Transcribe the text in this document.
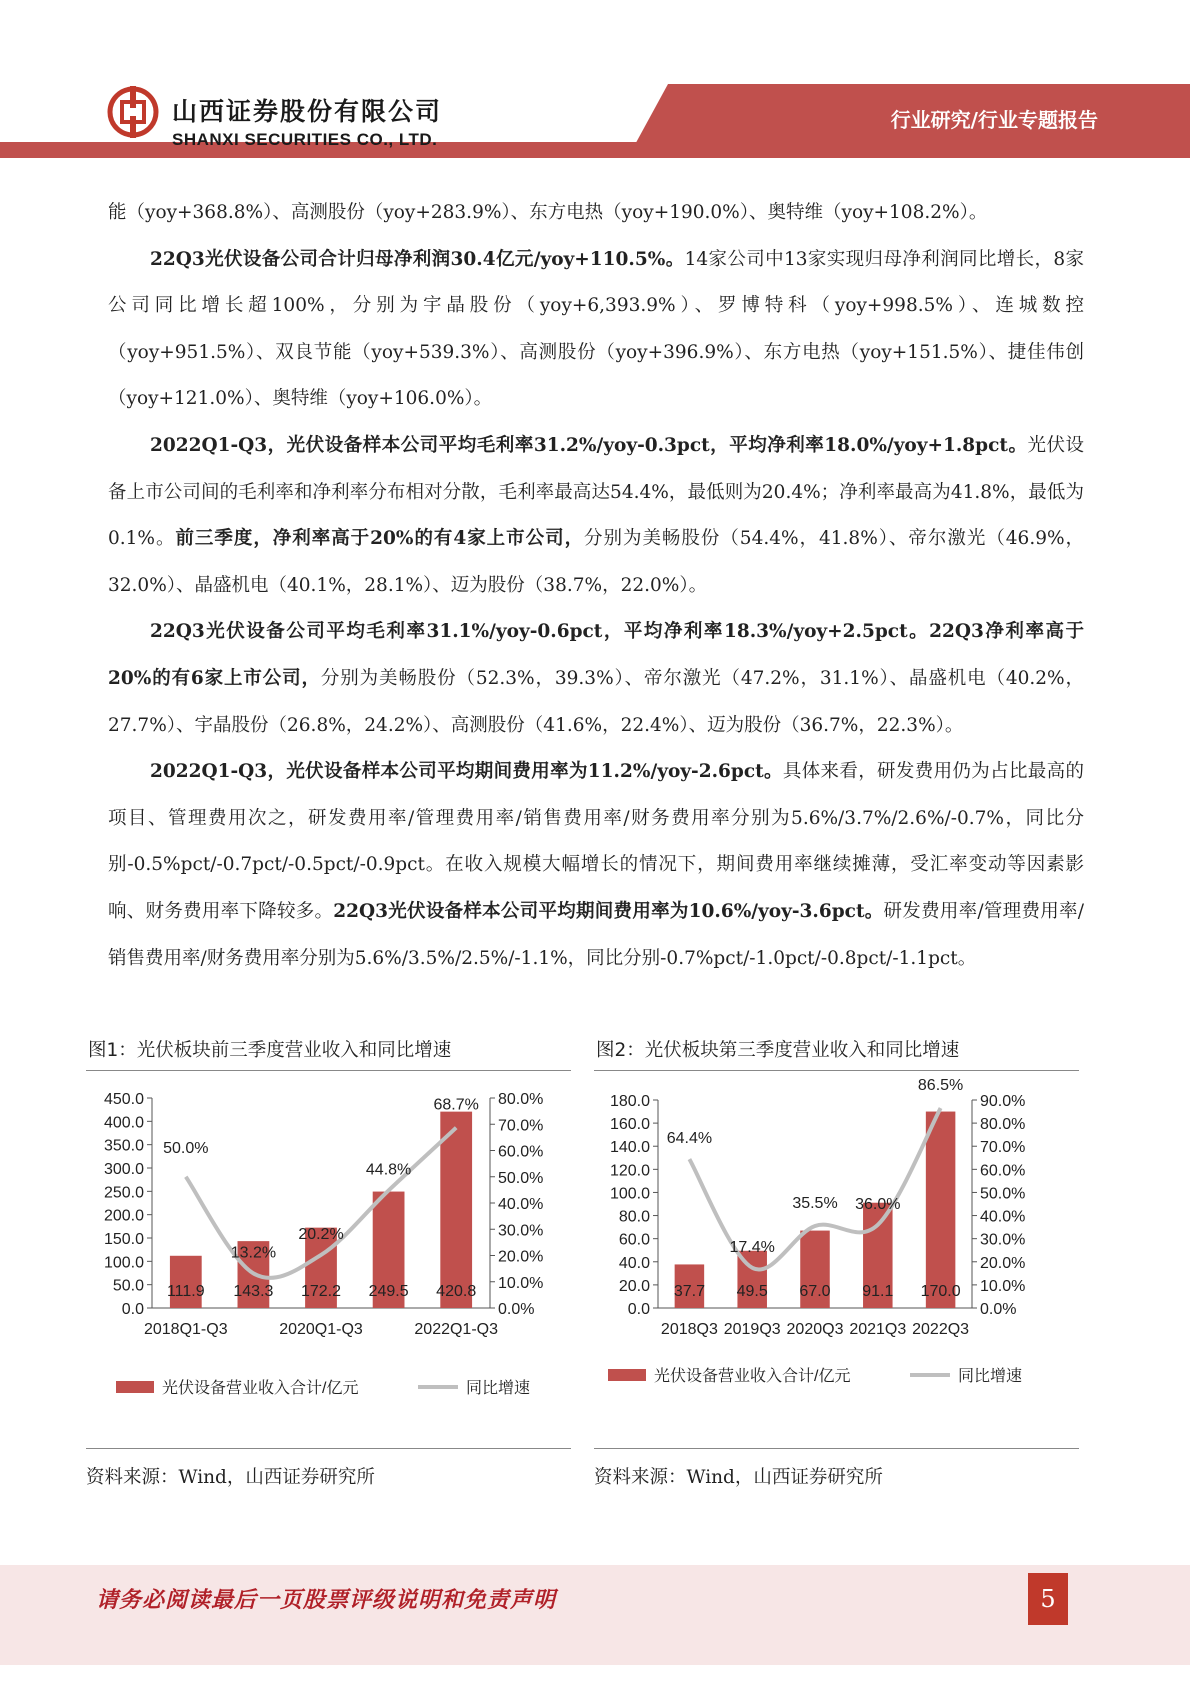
山西证券股份有限公司
SHANXI SECURITIES CO., LTD.
行业研究/行业专题报告

能（yoy+368.8%）、高测股份（yoy+283.9%）、东方电热（yoy+190.0%）、奥特维（yoy+108.2%）。

22Q3光伏设备公司合计归母净利润30.4亿元/yoy+110.5%。14家公司中13家实现归母净利润同比增长，8家公司同比增长超100%，分别为宇晶股份（yoy+6,393.9%）、罗博特科（yoy+998.5%）、连城数控（yoy+951.5%）、双良节能（yoy+539.3%）、高测股份（yoy+396.9%）、东方电热（yoy+151.5%）、捷佳伟创（yoy+121.0%）、奥特维（yoy+106.0%）。

2022Q1-Q3，光伏设备样本公司平均毛利率31.2%/yoy-0.3pct，平均净利率18.0%/yoy+1.8pct。光伏设备上市公司间的毛利率和净利率分布相对分散，毛利率最高达54.4%，最低则为20.4%；净利率最高为41.8%，最低为0.1%。前三季度，净利率高于20%的有4家上市公司，分别为美畅股份（54.4%，41.8%）、帝尔激光（46.9%，32.0%）、晶盛机电（40.1%，28.1%）、迈为股份（38.7%，22.0%）。

22Q3光伏设备公司平均毛利率31.1%/yoy-0.6pct，平均净利率18.3%/yoy+2.5pct。22Q3净利率高于20%的有6家上市公司，分别为美畅股份（52.3%，39.3%）、帝尔激光（47.2%，31.1%）、晶盛机电（40.2%，27.7%）、宇晶股份（26.8%，24.2%）、高测股份（41.6%，22.4%）、迈为股份（36.7%，22.3%）。

2022Q1-Q3，光伏设备样本公司平均期间费用率为11.2%/yoy-2.6pct。具体来看，研发费用仍为占比最高的项目、管理费用次之，研发费用率/管理费用率/销售费用率/财务费用率分别为5.6%/3.7%/2.6%/-0.7%，同比分别-0.5%pct/-0.7pct/-0.5pct/-0.9pct。在收入规模大幅增长的情况下，期间费用率继续摊薄，受汇率变动等因素影响、财务费用率下降较多。22Q3光伏设备样本公司平均期间费用率为10.6%/yoy-3.6pct。研发费用率/管理费用率/销售费用率/财务费用率分别为5.6%/3.5%/2.5%/-1.1%，同比分别-0.7%pct/-1.0pct/-0.8pct/-1.1pct。

图1：光伏板块前三季度营业收入和同比增速
0.0
50.0
100.0
150.0
200.0
250.0
300.0
350.0
400.0
450.0
0.0%
10.0%
20.0%
30.0%
40.0%
50.0%
60.0%
70.0%
80.0%
111.9 143.3 172.2 249.5 420.8
2018Q1-Q3	2020Q1-Q3	2022Q1-Q3
50.0%
13.2%
20.2%
44.8%
68.7%
光伏设备营业收入合计/亿元	同比增速
资料来源：Wind，山西证券研究所
图2：光伏板块第三季度营业收入和同比增速
0.0
20.0
40.0
60.0
80.0
100.0
120.0
140.0
160.0
180.0
0.0%
10.0%
20.0%
30.0%
40.0%
50.0%
60.0%
70.0%
80.0%
90.0%
37.7 49.5 67.0 91.1 170.0
2018Q3 2019Q3 2020Q3 2021Q3 2022Q3
64.4%
17.4%
35.5% 36.0%
86.5%
光伏设备营业收入合计/亿元	同比增速
资料来源：Wind，山西证券研究所
请务必阅读最后一页股票评级说明和免责声明	5
